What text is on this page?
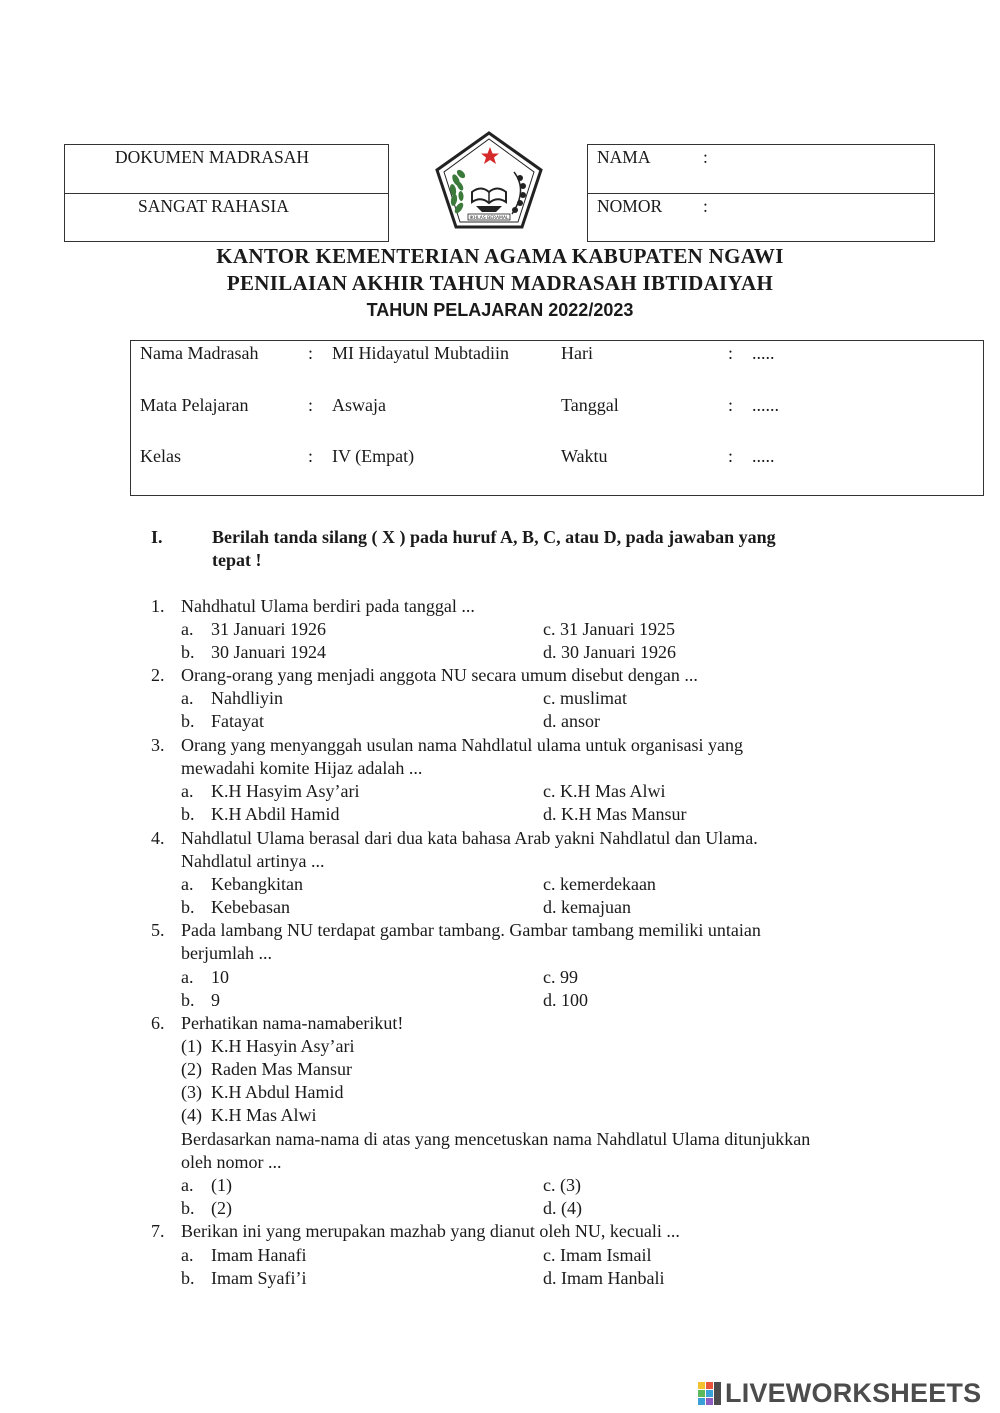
DOKUMEN MADRASAH
SANGAT RAHASIA
NAMA	:
NOMOR :
IKHLAS BERAMAL
KANTOR KEMENTERIAN AGAMA KABUPATEN NGAWI
PENILAIAN AKHIR TAHUN MADRASAH IBTIDAIYAH
TAHUN PELAJARAN 2022/2023
Nama Madrasah	: MI Hidayatul Mubtadiin	Hari	: .....
Mata Pelajaran	: Aswaja	Tanggal	: ......
Kelas	: IV (Empat)	Waktu	: .....
I.	Berilah tanda silang ( X ) pada huruf A, B, C, atau D, pada jawaban yang
tepat !
1. Nahdhatul Ulama berdiri pada tanggal ...
a. 31 Januari 1926	c. 31 Januari 1925
b. 30 Januari 1924	d. 30 Januari 1926
2. Orang-orang yang menjadi anggota NU secara umum disebut dengan ...
a. Nahdliyin	c. muslimat
b. Fatayat	d. ansor
3. Orang yang menyanggah usulan nama Nahdlatul ulama untuk organisasi yang
mewadahi komite Hijaz adalah ...
a. K.H Hasyim Asy’ari	c. K.H Mas Alwi
b. K.H Abdil Hamid	d. K.H Mas Mansur
4. Nahdlatul Ulama berasal dari dua kata bahasa Arab yakni Nahdlatul dan Ulama.
Nahdlatul artinya ...
a. Kebangkitan	c. kemerdekaan
b. Kebebasan	d. kemajuan
5. Pada lambang NU terdapat gambar tambang. Gambar tambang memiliki untaian
berjumlah ...
a. 10	c. 99
b. 9	d. 100
6. Perhatikan nama-namaberikut!
(1) K.H Hasyin Asy’ari
(2) Raden Mas Mansur
(3) K.H Abdul Hamid
(4) K.H Mas Alwi
Berdasarkan nama-nama di atas yang mencetuskan nama Nahdlatul Ulama ditunjukkan
oleh nomor ...
a. (1)	c. (3)
b. (2)	d. (4)
7. Berikan ini yang merupakan mazhab yang dianut oleh NU, kecuali ...
a. Imam Hanafi	c. Imam Ismail
b. Imam Syafi’i	d. Imam Hanbali
LIVEWORKSHEETS
